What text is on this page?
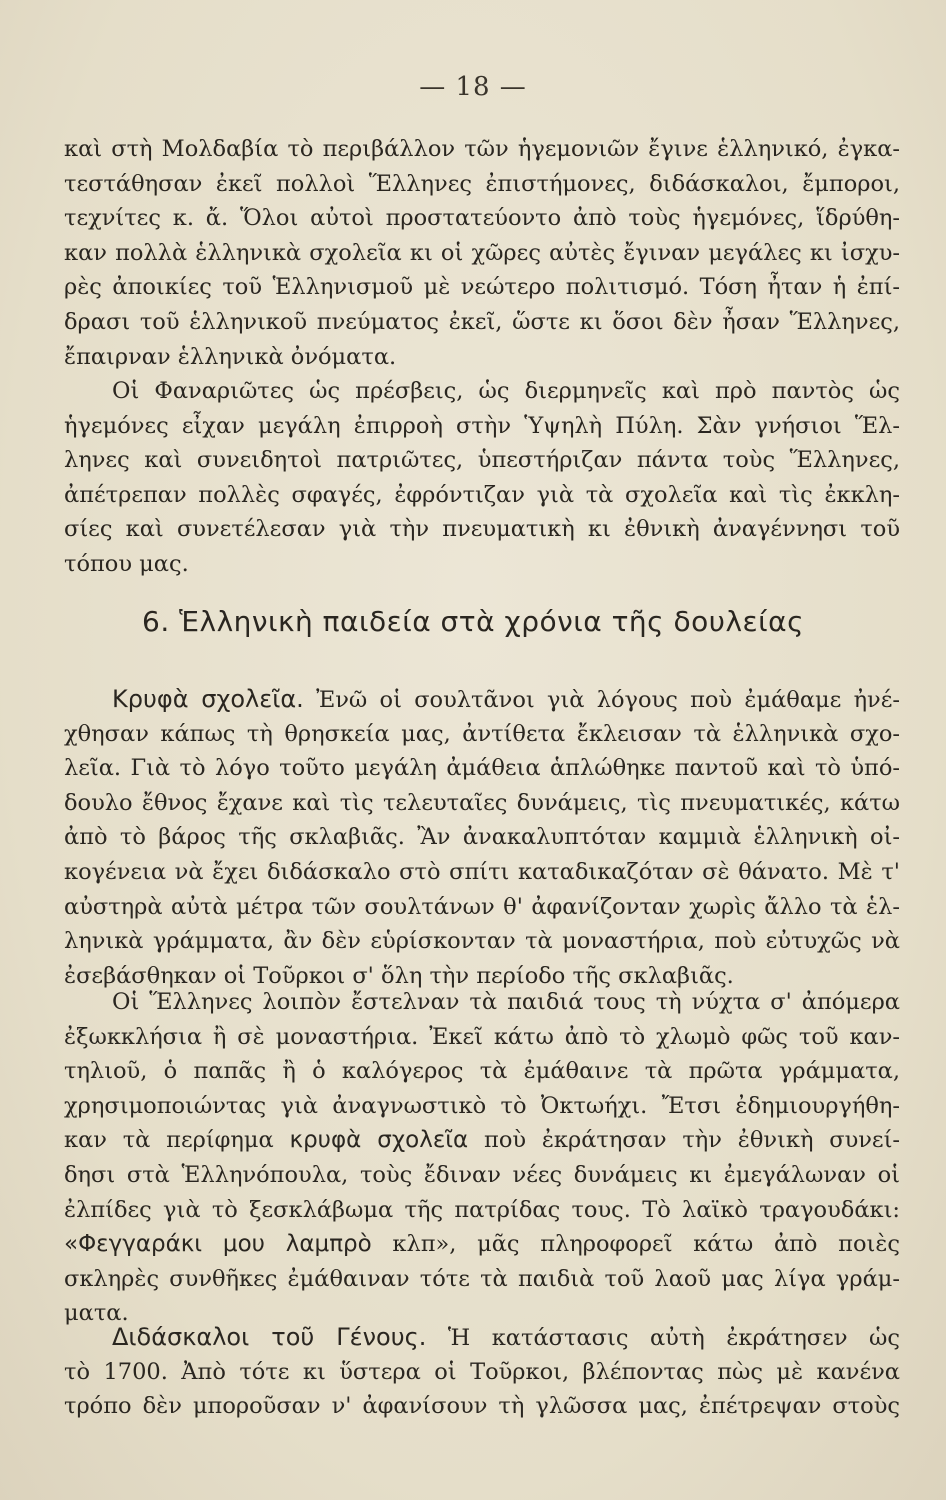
— 18 —
καὶ στὴ Μολδαβία τὸ περιβάλλον τῶν ἡγεμονιῶν ἔγινε ἑλληνικό, ἐγκα-
τεστάθησαν ἐκεῖ πολλοὶ Ἕλληνες ἐπιστήμονες, διδάσκαλοι, ἔμποροι,
τεχνίτες κ. ἄ. Ὅλοι αὐτοὶ προστατεύοντο ἀπὸ τοὺς ἡγεμόνες, ἵδρύθη-
καν πολλὰ ἑλληνικὰ σχολεῖα κι οἱ χῶρες αὐτὲς ἔγιναν μεγάλες κι ἰσχυ-
ρὲς ἀποικίες τοῦ Ἑλληνισμοῦ μὲ νεώτερο πολιτισμό. Τόση ἦταν ἡ ἐπί-
δρασι τοῦ ἑλληνικοῦ πνεύματος ἐκεῖ, ὥστε κι ὅσοι δὲν ἦσαν Ἕλληνες,
ἔπαιρναν ἑλληνικὰ ὀνόματα.
Οἱ Φαναριῶτες ὡς πρέσβεις, ὡς διερμηνεῖς καὶ πρὸ παντὸς ὡς
ἡγεμόνες εἶχαν μεγάλη ἐπιρροὴ στὴν Ὑψηλὴ Πύλη. Σὰν γνήσιοι Ἕλ-
ληνες καὶ συνειδητοὶ πατριῶτες, ὑπεστήριζαν πάντα τοὺς Ἕλληνες,
ἀπέτρεπαν πολλὲς σφαγές, ἐφρόντιζαν γιὰ τὰ σχολεῖα καὶ τὶς ἐκκλη-
σίες καὶ συνετέλεσαν γιὰ τὴν πνευματικὴ κι ἐθνικὴ ἀναγέννησι τοῦ
τόπου μας.
6. Ἑλληνικὴ παιδεία στὰ χρόνια τῆς δουλείας
Κρυφὰ σχολεῖα. Ἐνῶ οἱ σουλτᾶνοι γιὰ λόγους ποὺ ἐμάθαμε ἠνέ-
χθησαν κάπως τὴ θρησκεία μας, ἀντίθετα ἔκλεισαν τὰ ἑλληνικὰ σχο-
λεῖα. Γιὰ τὸ λόγο τοῦτο μεγάλη ἀμάθεια ἁπλώθηκε παντοῦ καὶ τὸ ὑπό-
δουλο ἔθνος ἔχανε καὶ τὶς τελευταῖες δυνάμεις, τὶς πνευματικές, κάτω
ἀπὸ τὸ βάρος τῆς σκλαβιᾶς. Ἂν ἀνακαλυπτόταν καμμιὰ ἑλληνικὴ οἰ-
κογένεια νὰ ἔχει διδάσκαλο στὸ σπίτι καταδικαζόταν σὲ θάνατο. Μὲ τ'
αὐστηρὰ αὐτὰ μέτρα τῶν σουλτάνων θ' ἀφανίζονταν χωρὶς ἄλλο τὰ ἑλ-
ληνικὰ γράμματα, ἂν δὲν εὑρίσκονταν τὰ μοναστήρια, ποὺ εὐτυχῶς νὰ
ἐσεβάσθηκαν οἱ Τοῦρκοι σ' ὅλη τὴν περίοδο τῆς σκλαβιᾶς.
Οἱ Ἕλληνες λοιπὸν ἔστελναν τὰ παιδιά τους τὴ νύχτα σ' ἀπόμερα
ἐξωκκλήσια ἢ σὲ μοναστήρια. Ἐκεῖ κάτω ἀπὸ τὸ χλωμὸ φῶς τοῦ καν-
τηλιοῦ, ὁ παπᾶς ἢ ὁ καλόγερος τὰ ἐμάθαινε τὰ πρῶτα γράμματα,
χρησιμοποιώντας γιὰ ἀναγνωστικὸ τὸ Ὀκτωήχι. Ἔτσι ἐδημιουργήθη-
καν τὰ περίφημα κρυφὰ σχολεῖα ποὺ ἐκράτησαν τὴν ἐθνικὴ συνεί-
δησι στὰ Ἑλληνόπουλα, τοὺς ἔδιναν νέες δυνάμεις κι ἐμεγάλωναν οἱ
ἐλπίδες γιὰ τὸ ξεσκλάβωμα τῆς πατρίδας τους. Τὸ λαϊκὸ τραγουδάκι:
«Φεγγαράκι μου λαμπρὸ κλπ», μᾶς πληροφορεῖ κάτω ἀπὸ ποιὲς
σκληρὲς συνθῆκες ἐμάθαιναν τότε τὰ παιδιὰ τοῦ λαοῦ μας λίγα γράμ-
ματα.
Διδάσκαλοι τοῦ Γένους. Ἡ κατάστασις αὐτὴ ἐκράτησεν ὡς
τὸ 1700. Ἀπὸ τότε κι ὕστερα οἱ Τοῦρκοι, βλέποντας πὼς μὲ κανένα
τρόπο δὲν μποροῦσαν ν' ἀφανίσουν τὴ γλῶσσα μας, ἐπέτρεψαν στοὺς
